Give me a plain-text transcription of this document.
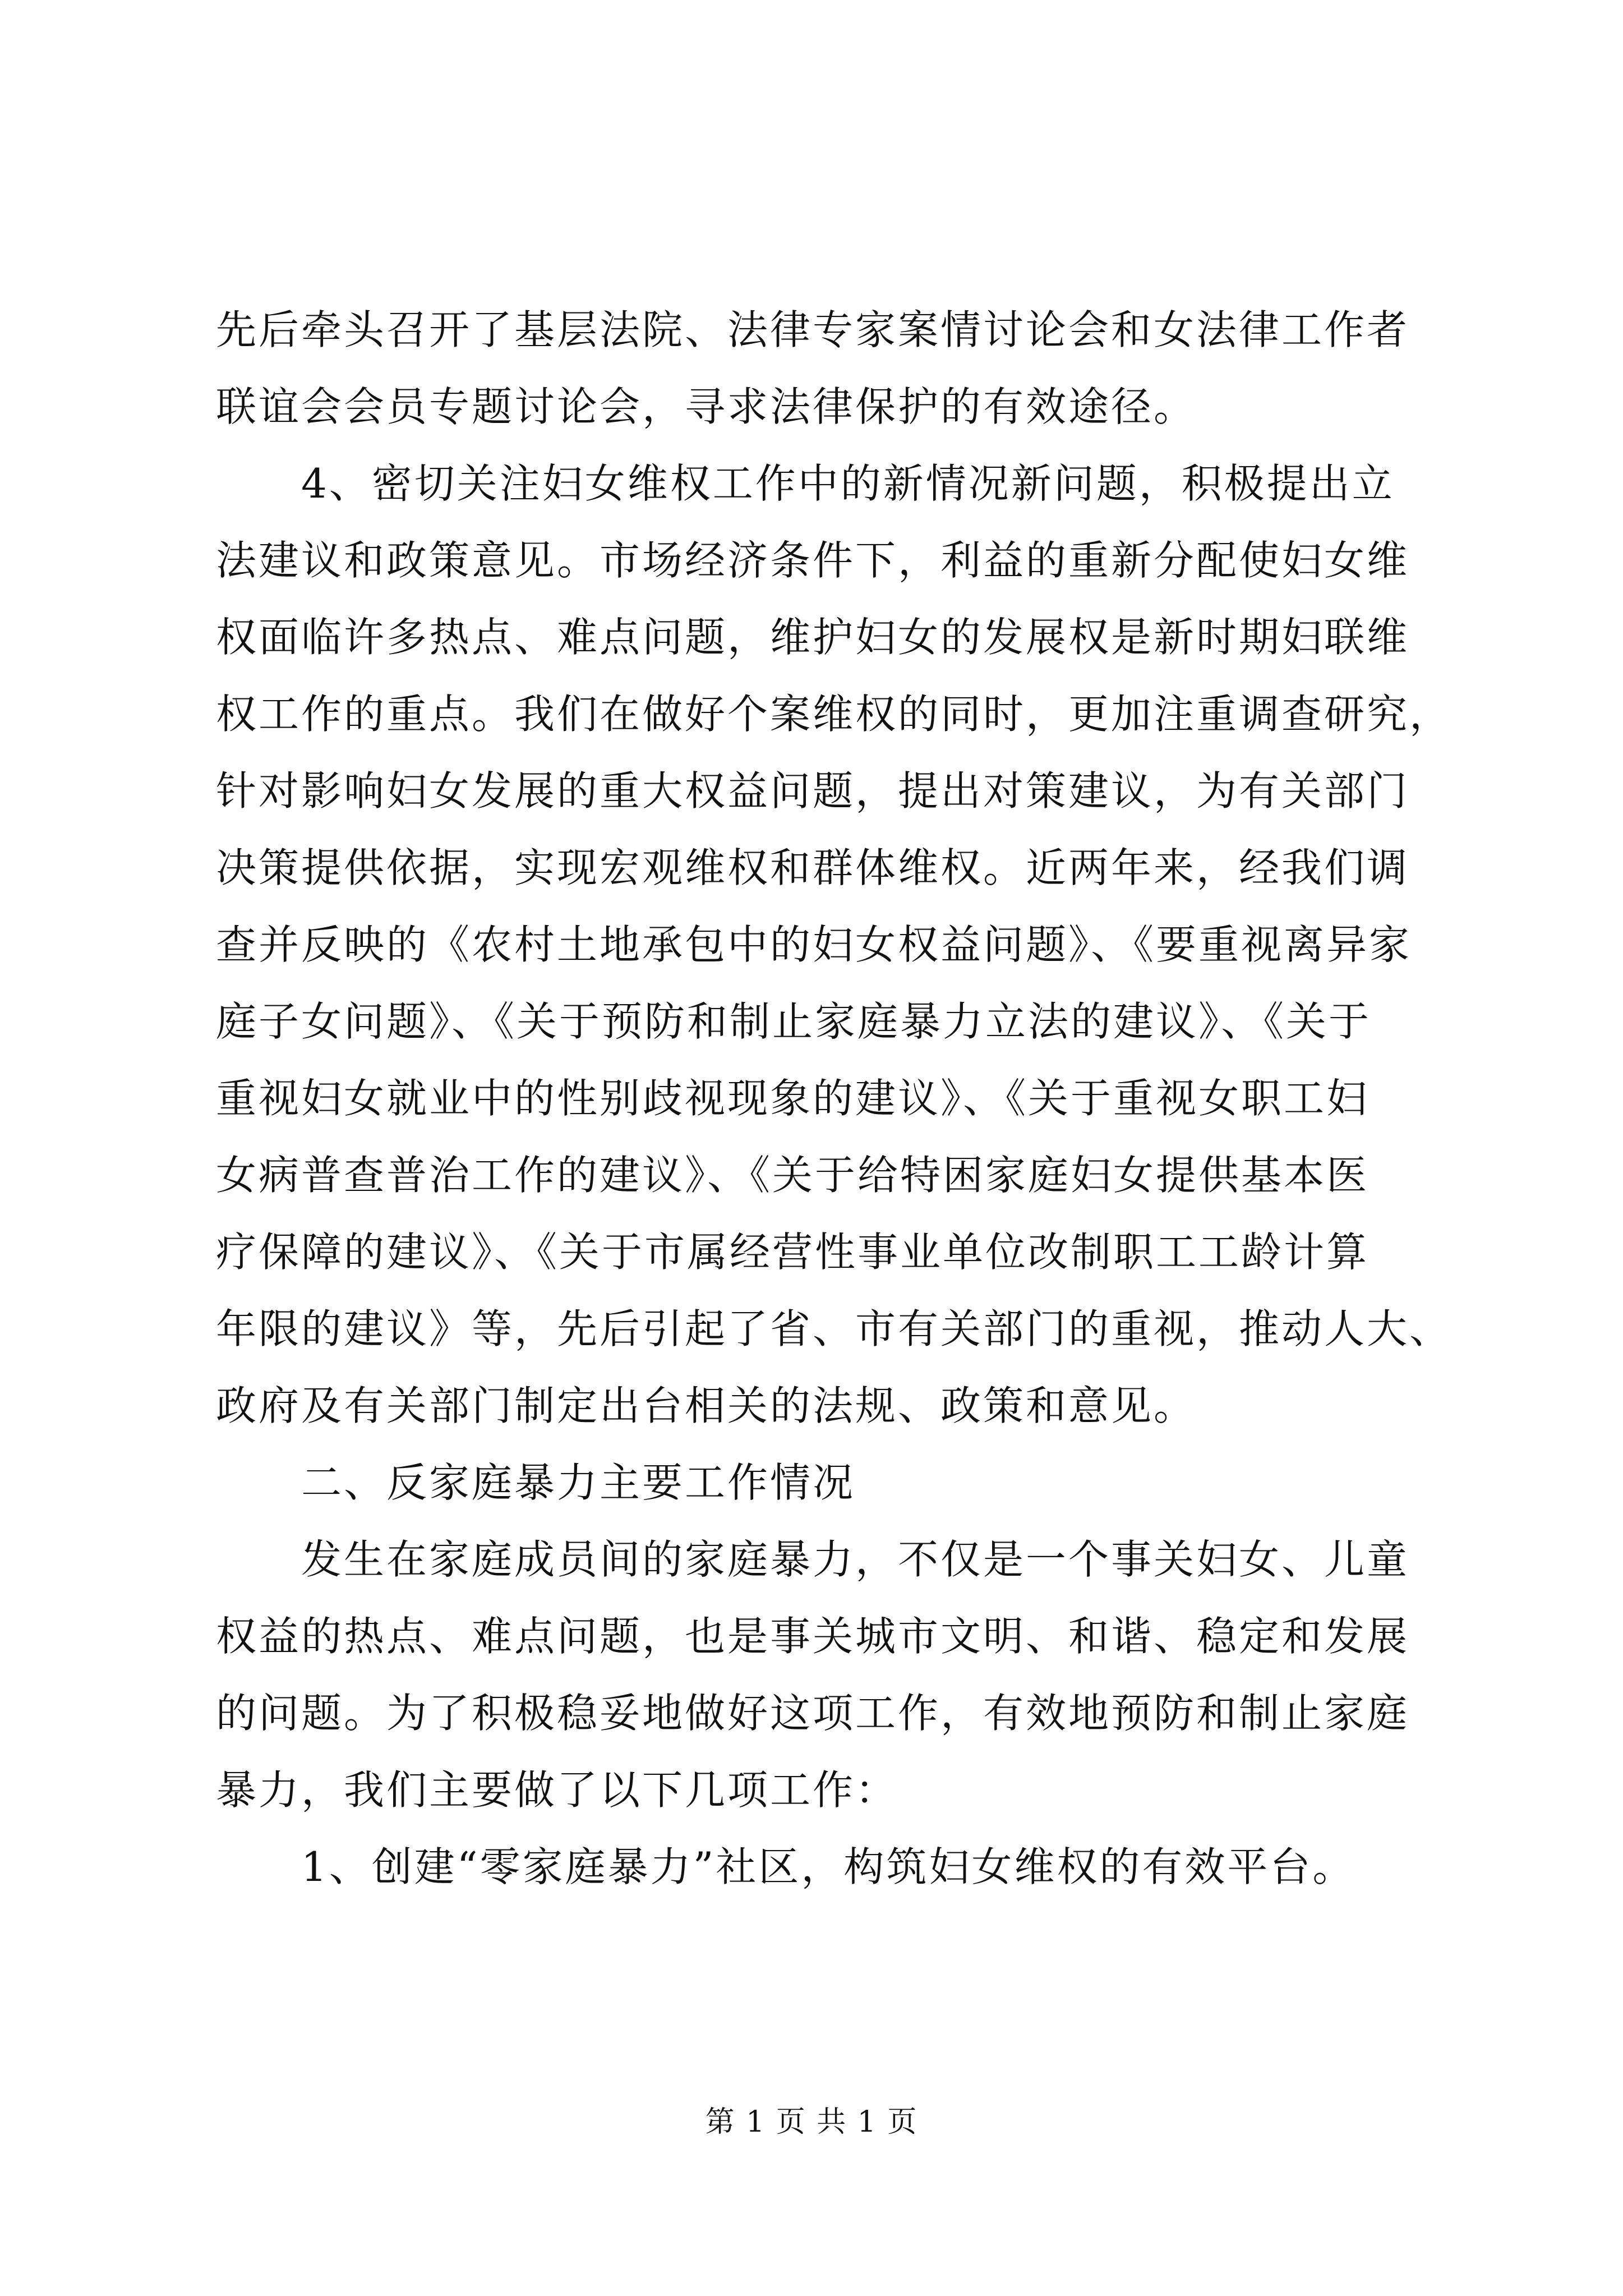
先后牵头召开了基层法院、法律专家案情讨论会和女法律工作者
联谊会会员专题讨论会，寻求法律保护的有效途径。
4、密切关注妇女维权工作中的新情况新问题，积极提出立
法建议和政策意见。市场经济条件下，利益的重新分配使妇女维
权面临许多热点、难点问题，维护妇女的发展权是新时期妇联维
权工作的重点。我们在做好个案维权的同时，更加注重调查研究，
针对影响妇女发展的重大权益问题，提出对策建议，为有关部门
决策提供依据，实现宏观维权和群体维权。近两年来，经我们调
查并反映的《农村土地承包中的妇女权益问题》、《要重视离异家
庭子女问题》、《关于预防和制止家庭暴力立法的建议》、《关于
重视妇女就业中的性别歧视现象的建议》、《关于重视女职工妇
女病普查普治工作的建议》、《关于给特困家庭妇女提供基本医
疗保障的建议》、《关于市属经营性事业单位改制职工工龄计算
年限的建议》等，先后引起了省、市有关部门的重视，推动人大、
政府及有关部门制定出台相关的法规、政策和意见。
二、反家庭暴力主要工作情况
发生在家庭成员间的家庭暴力，不仅是一个事关妇女、儿童
权益的热点、难点问题，也是事关城市文明、和谐、稳定和发展
的问题。为了积极稳妥地做好这项工作，有效地预防和制止家庭
暴力，我们主要做了以下几项工作：
1、创建“零家庭暴力”社区，构筑妇女维权的有效平台。
第 1 页 共 1 页
